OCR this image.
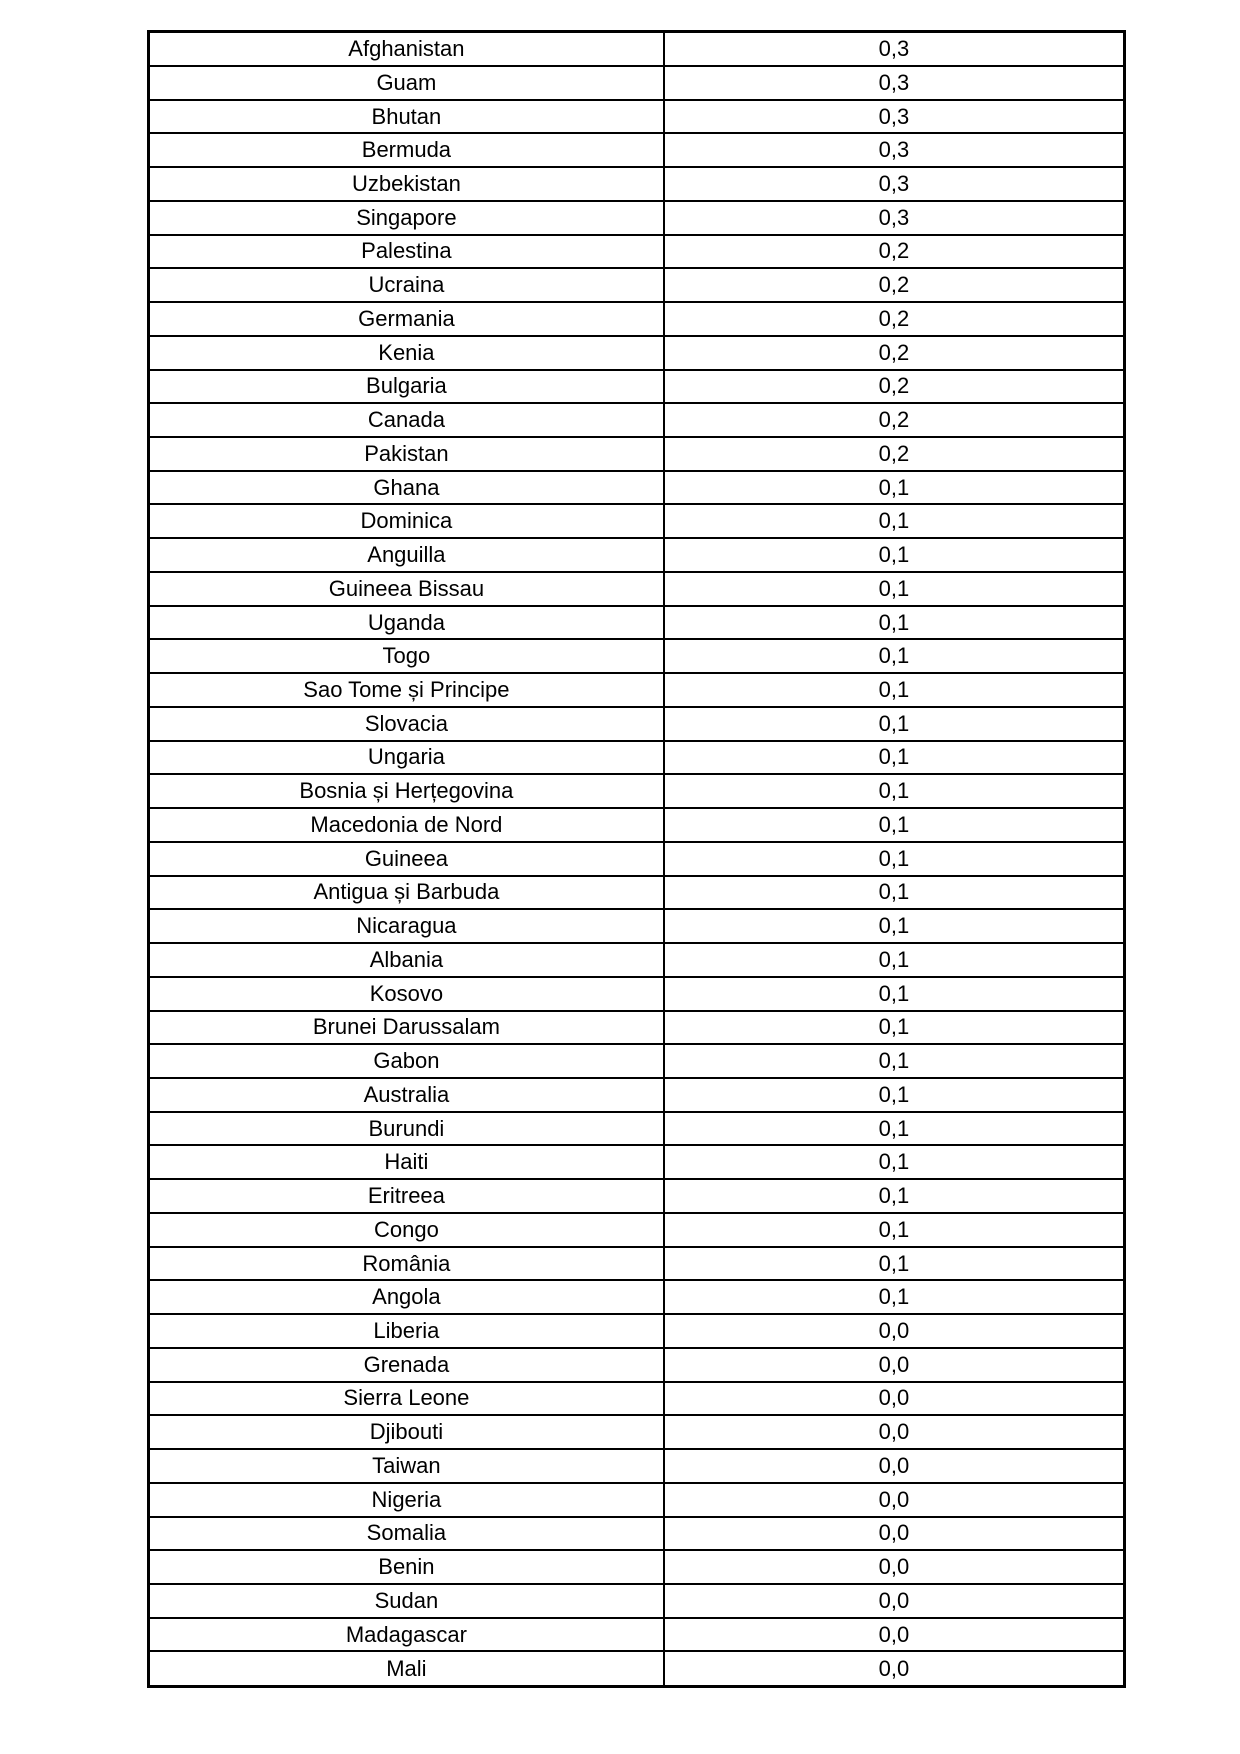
Afghanistan	0,3
Guam	0,3
Bhutan	0,3
Bermuda	0,3
Uzbekistan	0,3
Singapore	0,3
Palestina	0,2
Ucraina	0,2
Germania	0,2
Kenia	0,2
Bulgaria	0,2
Canada	0,2
Pakistan	0,2
Ghana	0,1
Dominica	0,1
Anguilla	0,1
Guineea Bissau	0,1
Uganda	0,1
Togo	0,1
Sao Tome și Principe	0,1
Slovacia	0,1
Ungaria	0,1
Bosnia și Herțegovina	0,1
Macedonia de Nord	0,1
Guineea	0,1
Antigua și Barbuda	0,1
Nicaragua	0,1
Albania	0,1
Kosovo	0,1
Brunei Darussalam	0,1
Gabon	0,1
Australia	0,1
Burundi	0,1
Haiti	0,1
Eritreea	0,1
Congo	0,1
România	0,1
Angola	0,1
Liberia	0,0
Grenada	0,0
Sierra Leone	0,0
Djibouti	0,0
Taiwan	0,0
Nigeria	0,0
Somalia	0,0
Benin	0,0
Sudan	0,0
Madagascar	0,0
Mali	0,0
